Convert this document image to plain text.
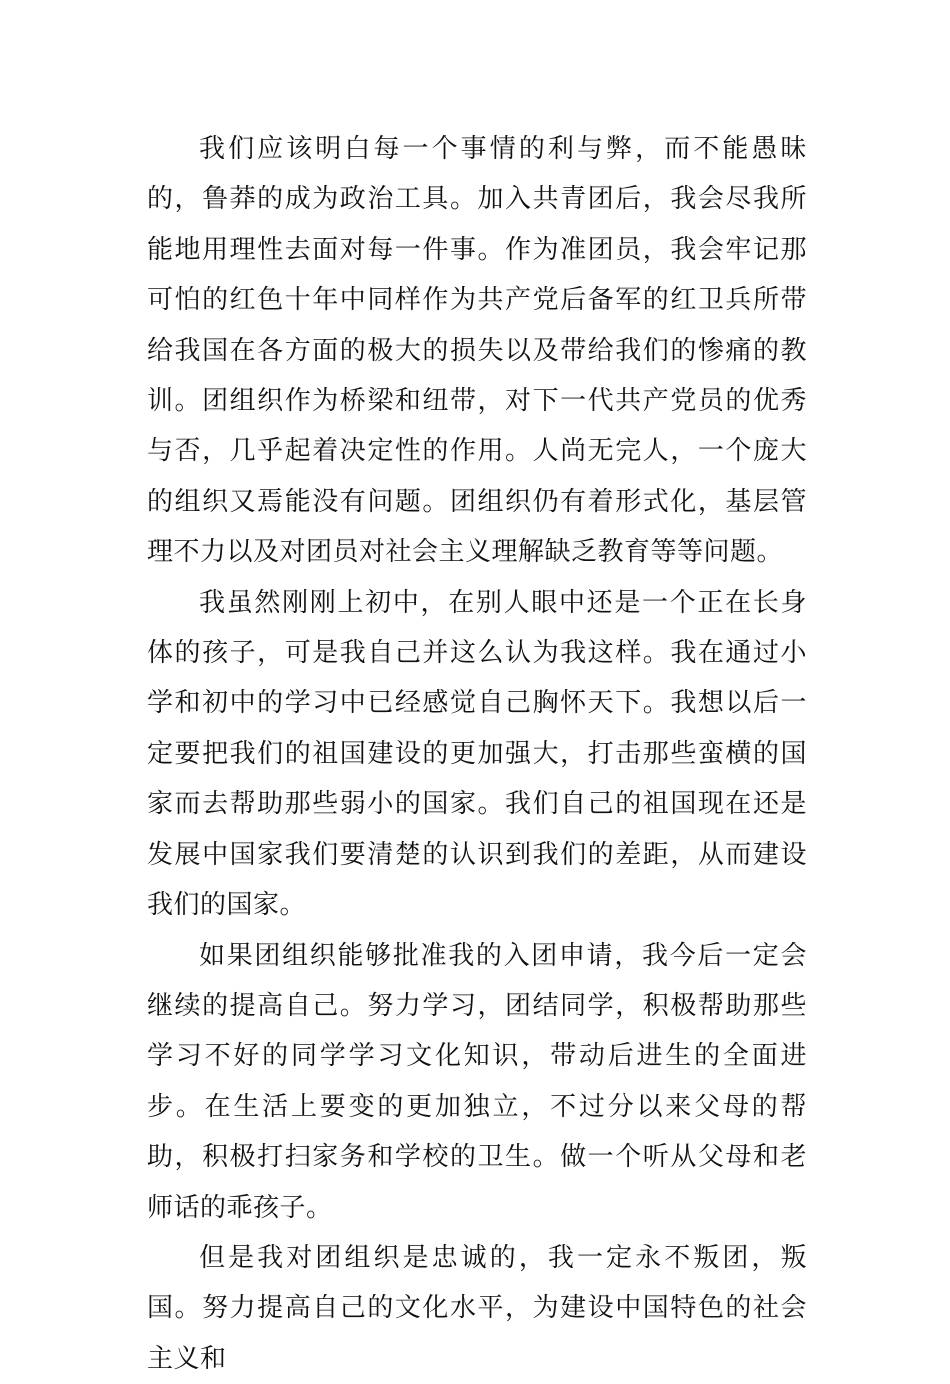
我们应该明白每一个事情的利与弊，而不能愚昧的，鲁莽的成为政治工具。加入共青团后，我会尽我所能地用理性去面对每一件事。作为准团员，我会牢记那可怕的红色十年中同样作为共产党后备军的红卫兵所带给我国在各方面的极大的损失以及带给我们的惨痛的教训。团组织作为桥梁和纽带，对下一代共产党员的优秀与否，几乎起着决定性的作用。人尚无完人，一个庞大的组织又焉能没有问题。团组织仍有着形式化，基层管理不力以及对团员对社会主义理解缺乏教育等等问题。

我虽然刚刚上初中，在别人眼中还是一个正在长身体的孩子，可是我自己并这么认为我这样。我在通过小学和初中的学习中已经感觉自己胸怀天下。我想以后一定要把我们的祖国建设的更加强大，打击那些蛮横的国家而去帮助那些弱小的国家。我们自己的祖国现在还是发展中国家我们要清楚的认识到我们的差距，从而建设我们的国家。

如果团组织能够批准我的入团申请，我今后一定会继续的提高自己。努力学习，团结同学，积极帮助那些学习不好的同学学习文化知识，带动后进生的全面进步。在生活上要变的更加独立，不过分以来父母的帮助，积极打扫家务和学校的卫生。做一个听从父母和老师话的乖孩子。

但是我对团组织是忠诚的，我一定永不叛团，叛国。努力提高自己的文化水平，为建设中国特色的社会主义和
